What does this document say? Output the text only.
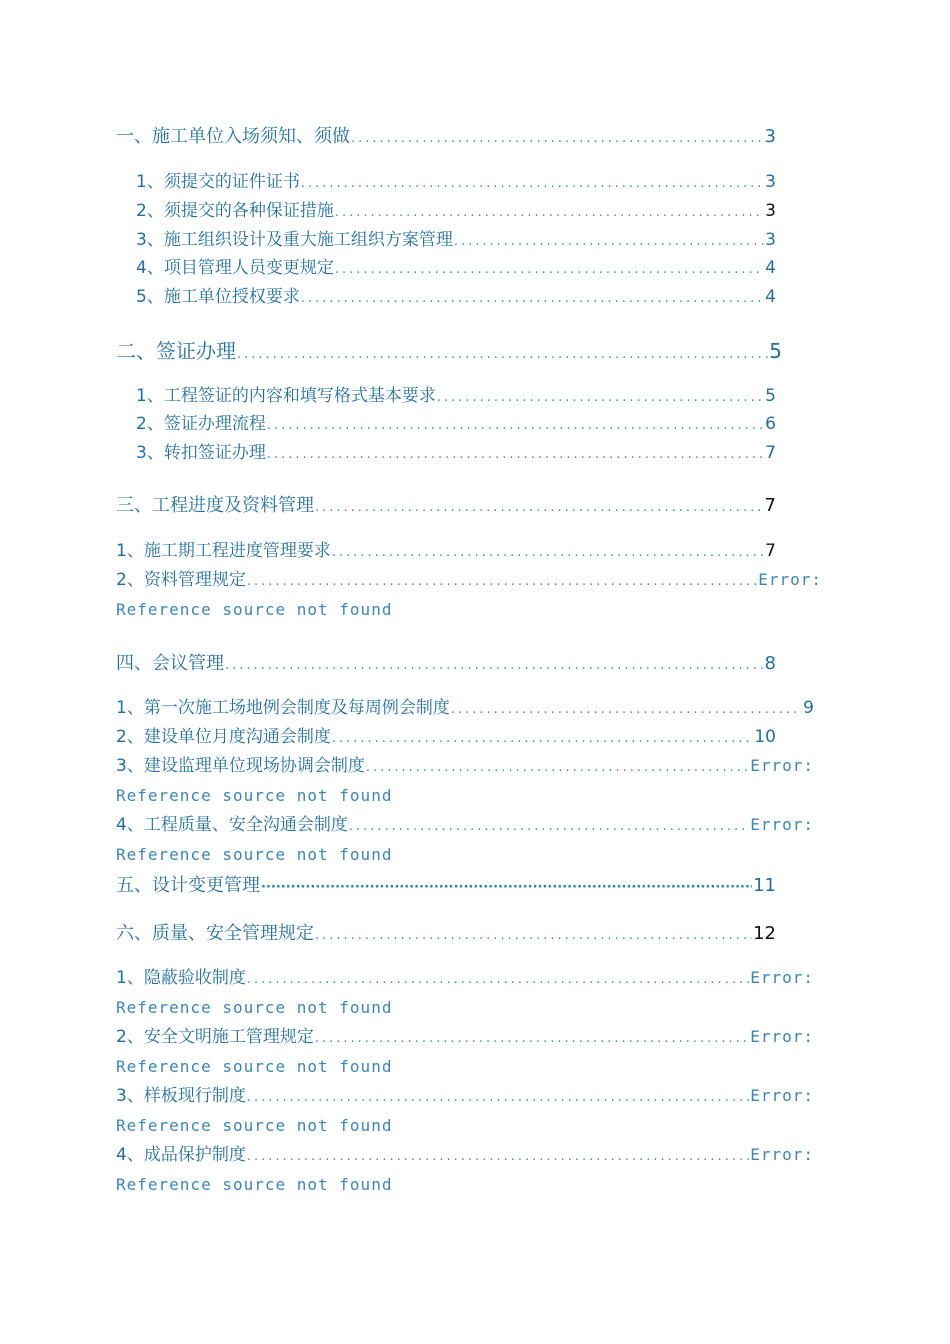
一、施工单位入场须知、须做 .....	3
1、须提交的证件证书 .....	3
2、须提交的各种保证措施 .....	3
3、施工组织设计及重大施工组织方案管理 .....	3
4、项目管理人员变更规定 .....	4
5、施工单位授权要求 .....	4
二、签证办理 .....	5
1、工程签证的内容和填写格式基本要求 .....	5
2、签证办理流程 .....	6
3、转扣签证办理 .....	7
三、工程进度及资料管理 .....	7
1、施工期工程进度管理要求 .....	7
2、资料管理规定 .....	Error:
Reference source not found
四、会议管理 .....	8
1、第一次施工场地例会制度及每周例会制度 .....	9
2、建设单位月度沟通会制度 .....	10
3、建设监理单位现场协调会制度 .....	Error:
Reference source not found
4、工程质量、安全沟通会制度 .....	Error:
Reference source not found
五、设计变更管理 ·····	11
六、质量、安全管理规定 .....	12
1、隐蔽验收制度 .....	Error:
Reference source not found
2、安全文明施工管理规定 .....	Error:
Reference source not found
3、样板现行制度 .....	Error:
Reference source not found
4、成品保护制度 .....	Error:
Reference source not found
